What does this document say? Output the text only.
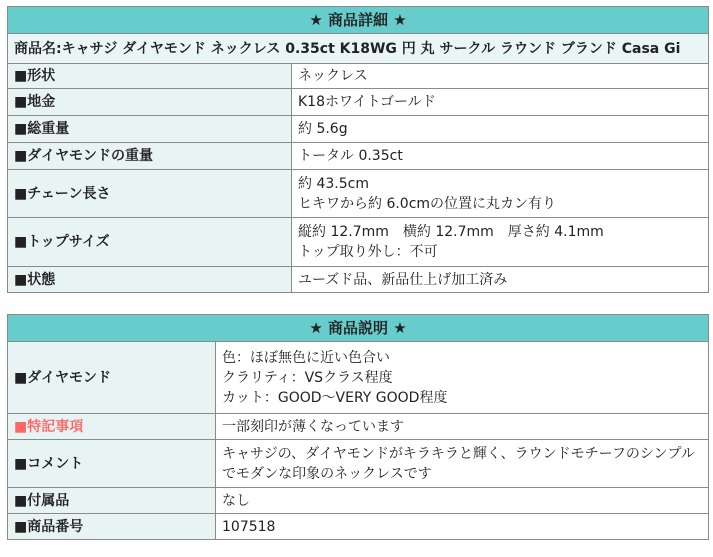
★ 商品詳細 ★	
商品名:キャサジ ダイヤモンド ネックレス 0.35ct K18WG 円 丸 サークル ラウンド ブランド Casa Gi	
■形状	ネックレス
■地金	K18ホワイトゴールド
■総重量	約 5.6g
■ダイヤモンドの重量	トータル 0.35ct
■チェーン長さ	約 43.5cm
ヒキワから約 6.0cmの位置に丸カン有り

■トップサイズ	縦約 12.7mm　横約 12.7mm　厚さ約 4.1mm
トップ取り外し：不可

■状態	ユーズド品、新品仕上げ加工済み
★ 商品説明 ★	
■ダイヤモンド	色：ほぼ無色に近い色合い
クラリティ：VSクラス程度
カット：GOOD～VERY GOOD程度

■特記事項	一部刻印が薄くなっています
■コメント	キャサジの、ダイヤモンドがキラキラと輝く、ラウンドモチーフのシンプル
でモダンな印象のネックレスです

■付属品	なし
■商品番号	107518
